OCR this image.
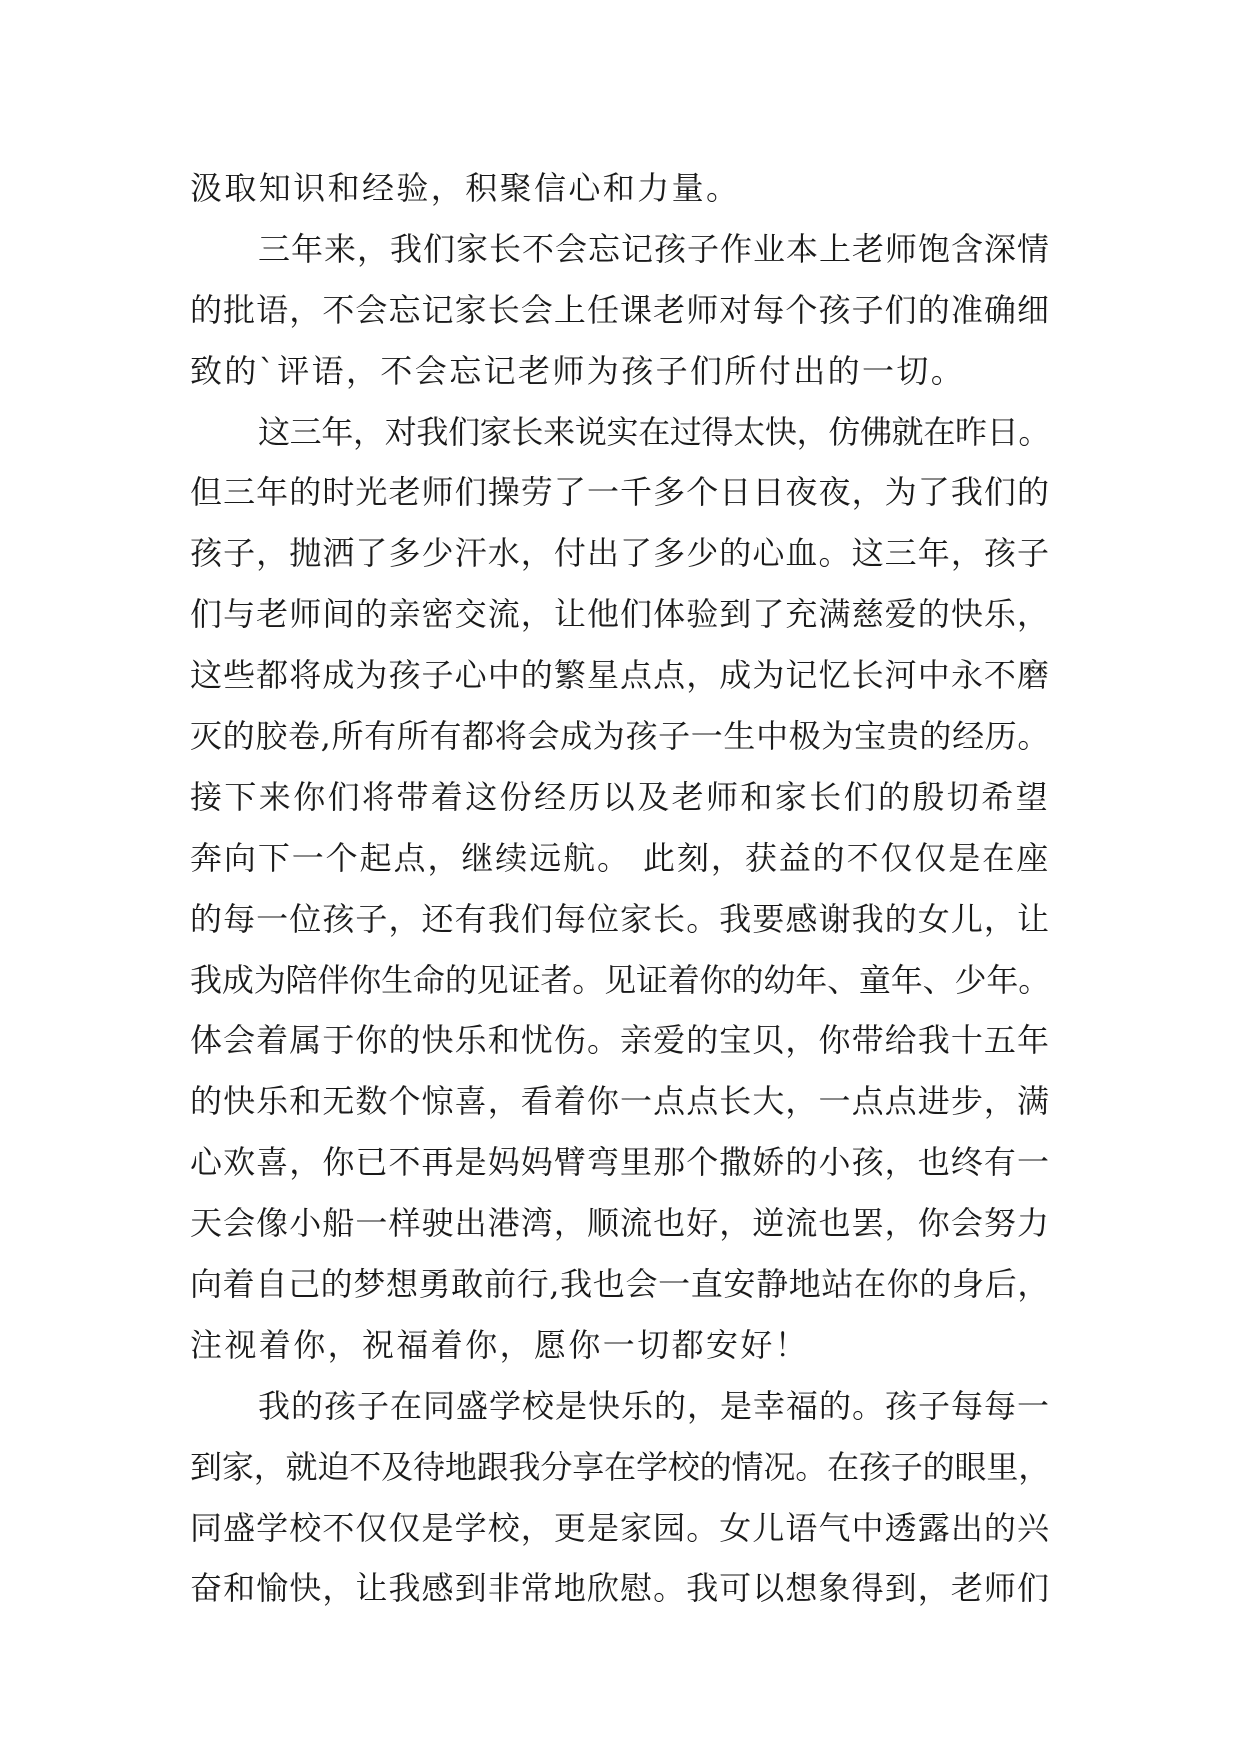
汲取知识和经验，积聚信心和力量。
三年来，我们家长不会忘记孩子作业本上老师饱含深情
的批语，不会忘记家长会上任课老师对每个孩子们的准确细
致的`评语，不会忘记老师为孩子们所付出的一切。
这三年，对我们家长来说实在过得太快，仿佛就在昨日。
但三年的时光老师们操劳了一千多个日日夜夜，为了我们的
孩子，抛洒了多少汗水，付出了多少的心血。这三年，孩子
们与老师间的亲密交流，让他们体验到了充满慈爱的快乐，
这些都将成为孩子心中的繁星点点，成为记忆长河中永不磨
灭的胶卷,所有所有都将会成为孩子一生中极为宝贵的经历。
接下来你们将带着这份经历以及老师和家长们的殷切希望
奔向下一个起点，继续远航。 此刻，获益的不仅仅是在座
的每一位孩子，还有我们每位家长。我要感谢我的女儿，让
我成为陪伴你生命的见证者。见证着你的幼年、童年、少年。
体会着属于你的快乐和忧伤。亲爱的宝贝，你带给我十五年
的快乐和无数个惊喜，看着你一点点长大，一点点进步，满
心欢喜，你已不再是妈妈臂弯里那个撒娇的小孩，也终有一
天会像小船一样驶出港湾，顺流也好，逆流也罢，你会努力
向着自己的梦想勇敢前行,我也会一直安静地站在你的身后，
注视着你，祝福着你，愿你一切都安好！
我的孩子在同盛学校是快乐的，是幸福的。孩子每每一
到家，就迫不及待地跟我分享在学校的情况。在孩子的眼里，
同盛学校不仅仅是学校，更是家园。女儿语气中透露出的兴
奋和愉快，让我感到非常地欣慰。我可以想象得到，老师们
